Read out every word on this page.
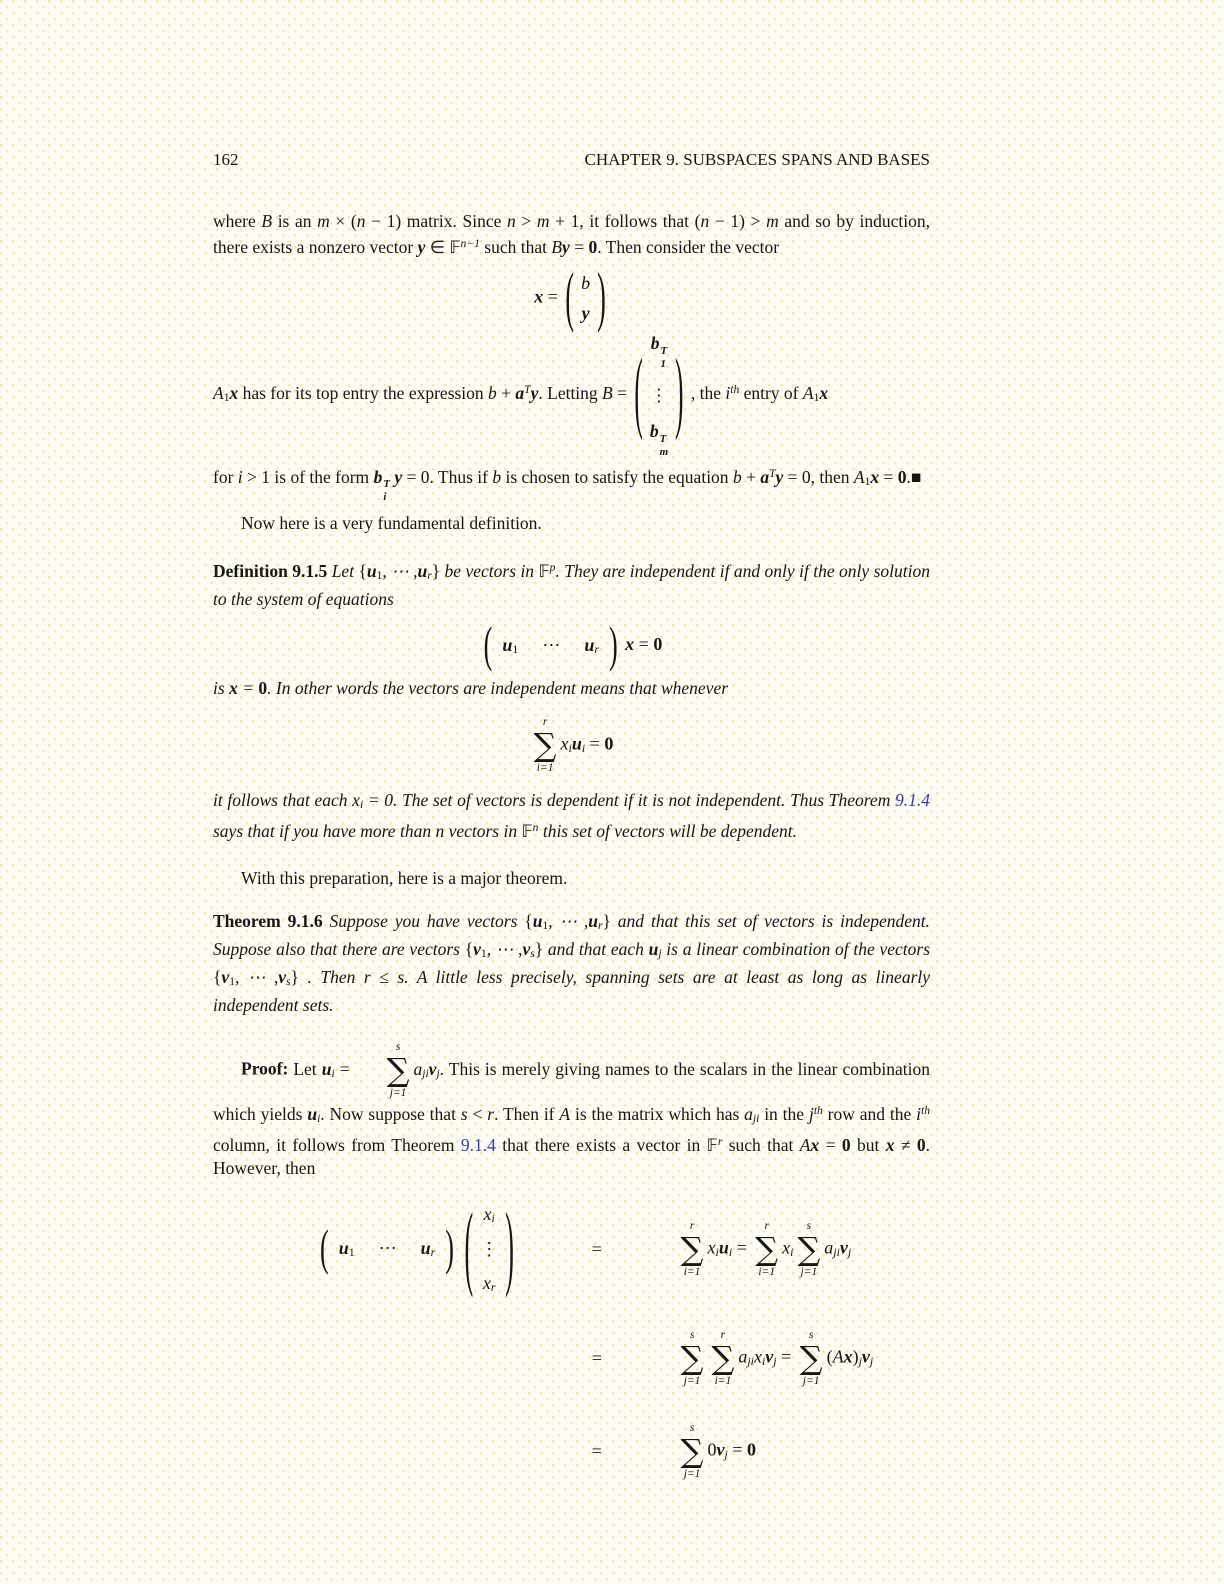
162	CHAPTER 9. SUBSPACES SPANS AND BASES

where B is an m × (n − 1) matrix. Since n > m + 1, it follows that (n − 1) > m and so by induction, there exists a nonzero vector y ∈ 𝔽$^{n-1}$ such that By = 0. Then consider the vector

x = ( b
y )
A1x has for its top entry the expression $b + a^Ty$. Letting B = ( b T
1
⋮
b T
m
) , the $i^{th}$ entry of A1x

for i > 1 is of the form b T
i
y = 0. Thus if b is chosen to satisfy the equation $b + a^Ty = 0$, then A1x = 0.■

Now here is a very fundamental definition.

Definition 9.1.5 Let {u1, ⋯ ,ur} be vectors in 𝔽$^p$. They are independent if and only if the only solution to the system of equations

( u1 ⋯ ur ) x = 0

is x = 0. In other words the vectors are independent means that whenever

r
∑
i=1
xiui = 0

it follows that each xi = 0. The set of vectors is dependent if it is not independent. Thus Theorem 9.1.4 says that if you have more than n vectors in 𝔽$^n$ this set of vectors will be dependent.

With this preparation, here is a major theorem.

Theorem 9.1.6 Suppose you have vectors {u1, ⋯ ,ur} and that this set of vectors is independent. Suppose also that there are vectors {v1, ⋯ ,vs} and that each uj is a linear combination of the vectors {v1, ⋯ ,vs} . Then r ≤ s. A little less precisely, spanning sets are at least as long as linearly independent sets.

Proof: Let ui =
s
∑
j=1
ajivj. This is merely giving names to the scalars in the linear combination which yields ui. Now suppose that s < r. Then if A is the matrix which has aji in the $j^{th}$ row and the $i^{th}$ column, it follows from Theorem 9.1.4 that there exists a vector in 𝔽$^r$ such that Ax = 0 but x ≠ 0. However, then

( u1 ⋯ ur )
( xi
⋮
xr )	=
r
∑
i=1
xiui =
r
∑
i=1
xi
s
∑
j=1
ajivj
=
s
∑
j=1
r
∑
i=1
ajixivj =
s
∑
j=1
(Ax)jvj
=
s
∑
j=1
0vj = 0
